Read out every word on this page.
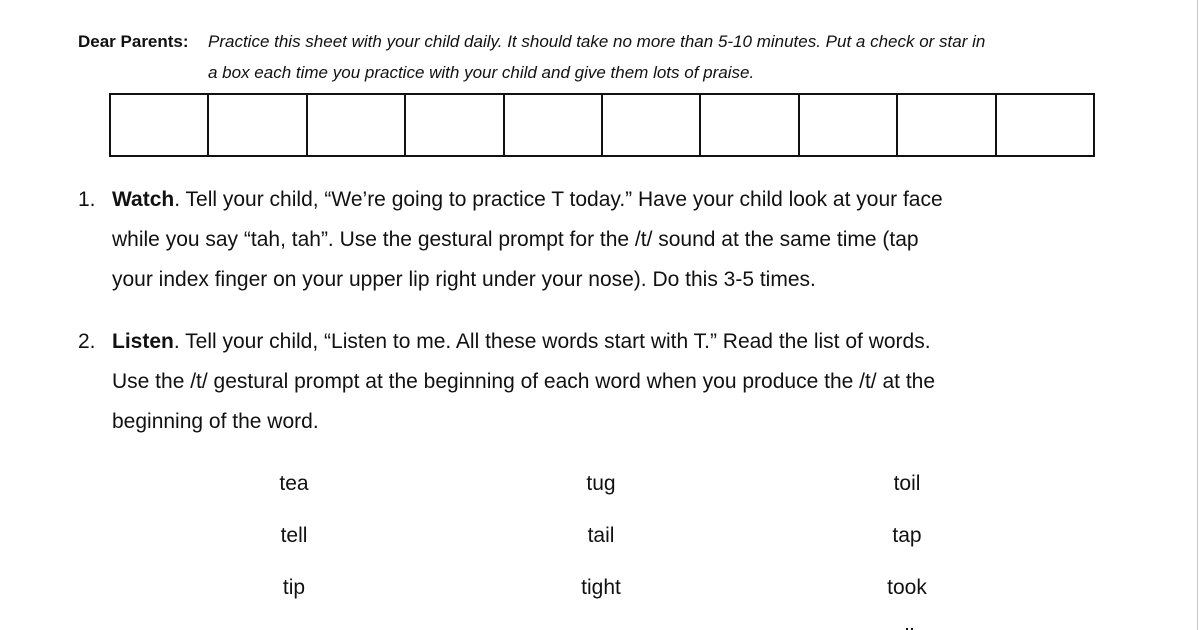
Dear Parents: Practice this sheet with your child daily. It should take no more than 5-10 minutes. Put a check or star in
a box each time you practice with your child and give them lots of praise.
1. Watch. Tell your child, “We’re going to practice T today.” Have your child look at your face
while you say “tah, tah”. Use the gestural prompt for the /t/ sound at the same time (tap
your index finger on your upper lip right under your nose). Do this 3-5 times.
2. Listen. Tell your child, “Listen to me. All these words start with T.” Read the list of words.
Use the /t/ gestural prompt at the beginning of each word when you produce the /t/ at the
beginning of the word.
tea
tell
tip
tug
tail
tight
toil
tap
took
